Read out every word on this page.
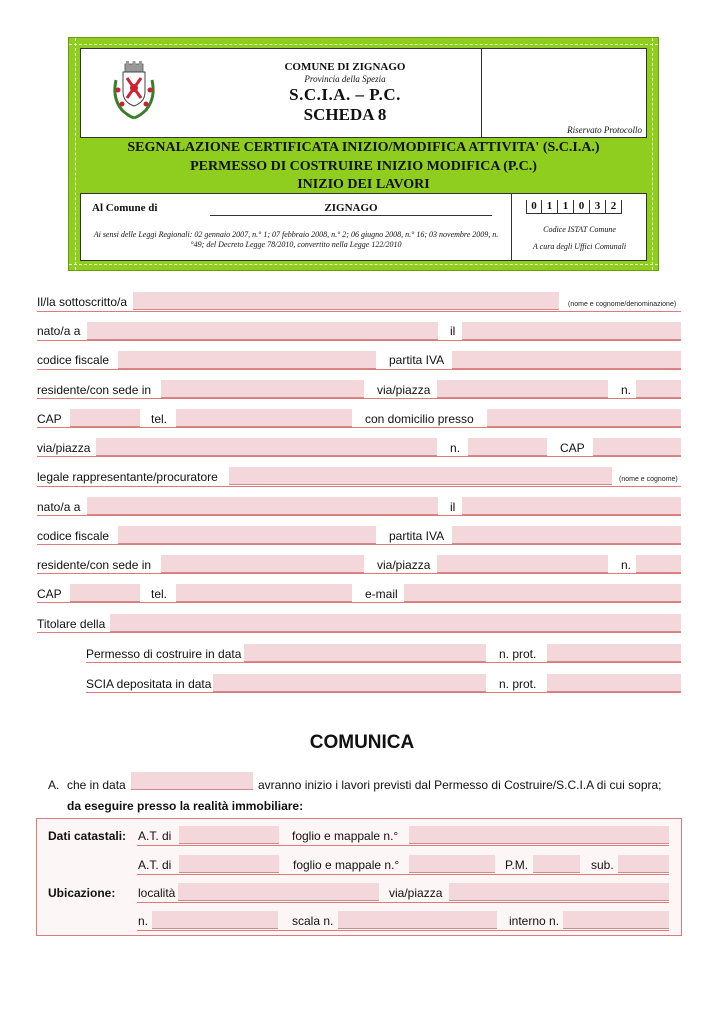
COMUNE DI ZIGNAGO
Provincia della Spezia
S.C.I.A. – P.C.
SCHEDA 8
Riservato Protocollo
SEGNALAZIONE CERTIFICATA INIZIO/MODIFICA ATTIVITA' (S.C.I.A.)
PERMESSO DI COSTRUIRE INIZIO MODIFICA (P.C.)
INIZIO DEI LAVORI
Al Comune di	ZIGNAGO
Ai sensi delle Leggi Regionali: 02 gennaio 2007, n.° 1; 07 febbraio 2008, n.° 2; 06 giugno 2008, n.° 16; 03 novembre 2009, n.°49; del Decreto Legge 78/2010, convertito nella Legge 122/2010
0 1 1 0 3 2
Codice ISTAT Comune
A cura degli Uffici Comunali
Il/la sottoscritto/a	(nome e cognome/denominazione)
nato/a a	il
codice fiscale	partita IVA
residente/con sede in	via/piazza	n.
CAP	tel.	con domicilio presso
via/piazza	n.	CAP
legale rappresentante/procuratore	(nome e cognome)
nato/a a	il
codice fiscale	partita IVA
residente/con sede in	via/piazza	n.
CAP	tel.	e-mail
Titolare della
Permesso di costruire in data	n. prot.
SCIA depositata in data	n. prot.
COMUNICA
A. che in data	avranno inizio i lavori previsti dal Permesso di Costruire/S.C.I.A di cui sopra;
da eseguire presso la realità immobiliare:
Dati catastali: A.T. di	foglio e mappale n.°
A.T. di	foglio e mappale n.°	P.M.	sub.
Ubicazione: località	via/piazza
n.	scala n.	interno n.
